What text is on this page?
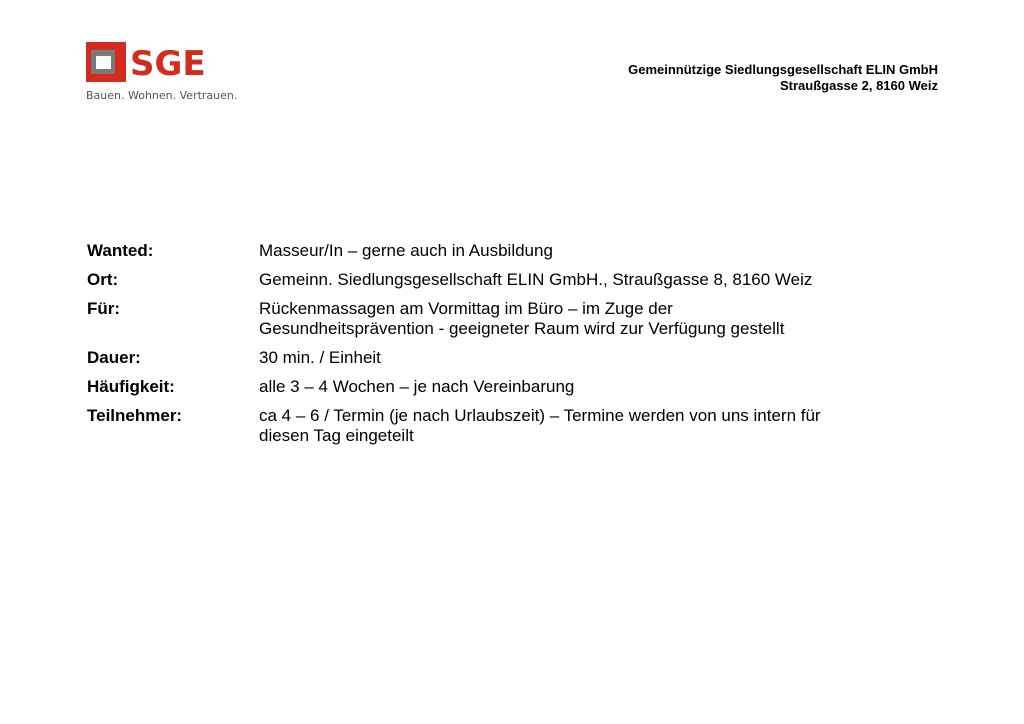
SGE
Bauen. Wohnen. Vertrauen.
Gemeinnützige Siedlungsgesellschaft ELIN GmbH
Straußgasse 2, 8160 Weiz
Wanted:	Masseur/In – gerne auch in Ausbildung
Ort:	Gemeinn. Siedlungsgesellschaft ELIN GmbH., Straußgasse 8, 8160 Weiz
Für:	Rückenmassagen am Vormittag im Büro – im Zuge der
Gesundheitsprävention - geeigneter Raum wird zur Verfügung gestellt
Dauer:	30 min. / Einheit
Häufigkeit:	alle 3 – 4 Wochen – je nach Vereinbarung
Teilnehmer:	ca 4 – 6 / Termin (je nach Urlaubszeit) – Termine werden von uns intern für
diesen Tag eingeteilt
